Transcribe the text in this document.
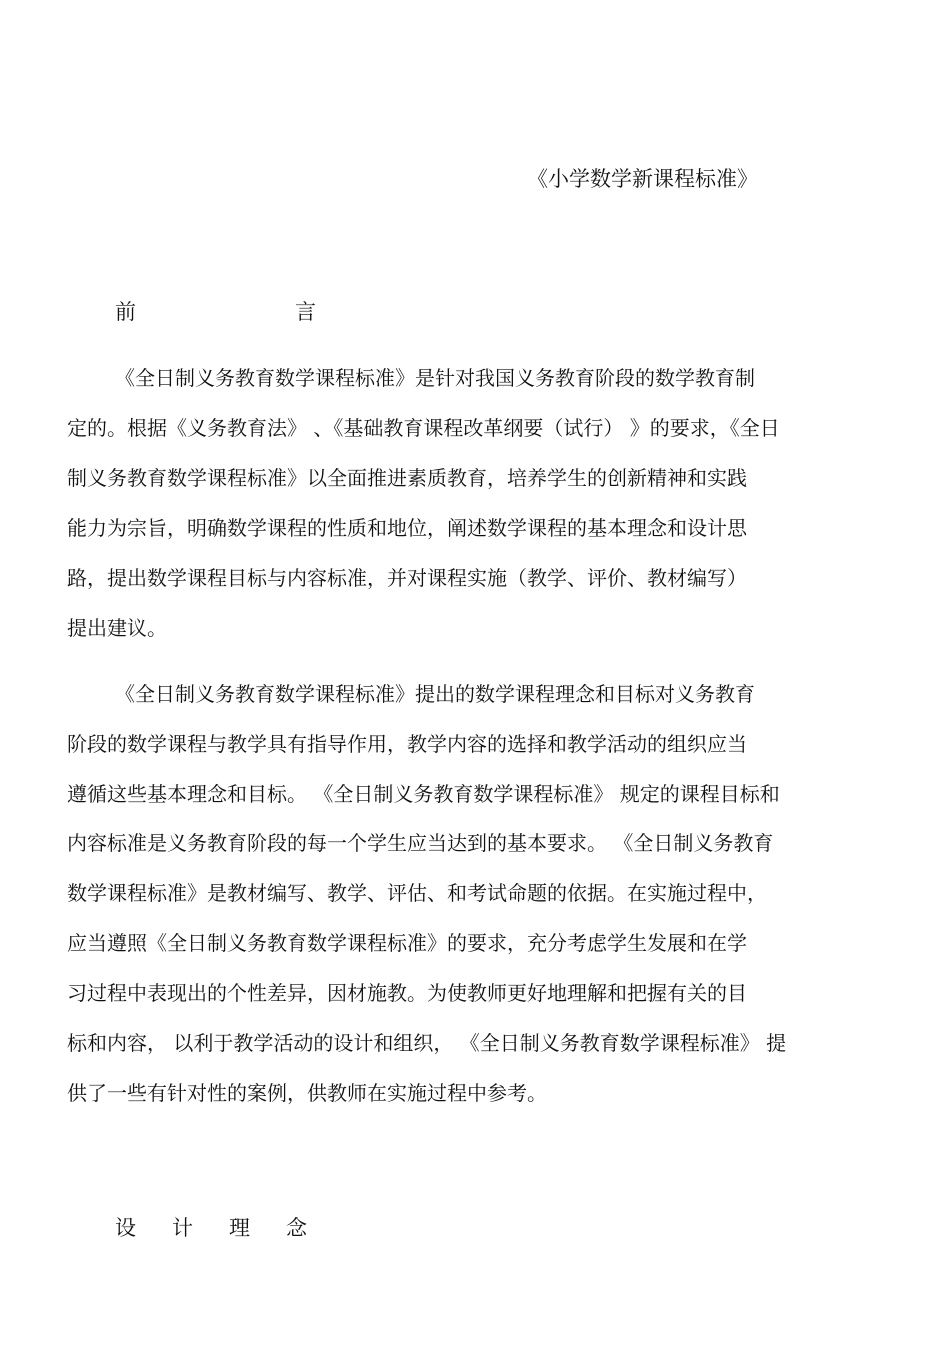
《小学数学新课程标准》
前	言
《全日制义务教育数学课程标准》是针对我国义务教育阶段的数学教育制
定的。根据《义务教育法》 、《基础教育课程改革纲要（试行） 》的要求，《全日
制义务教育数学课程标准》以全面推进素质教育，培养学生的创新精神和实践
能力为宗旨，明确数学课程的性质和地位，阐述数学课程的基本理念和设计思
路，提出数学课程目标与内容标准，并对课程实施（教学、评价、教材编写）
提出建议。
《全日制义务教育数学课程标准》提出的数学课程理念和目标对义务教育
阶段的数学课程与教学具有指导作用，教学内容的选择和教学活动的组织应当
遵循这些基本理念和目标。 《全日制义务教育数学课程标准》 规定的课程目标和
内容标准是义务教育阶段的每一个学生应当达到的基本要求。 《全日制义务教育
数学课程标准》是教材编写、教学、评估、和考试命题的依据。在实施过程中，
应当遵照《全日制义务教育数学课程标准》的要求，充分考虑学生发展和在学
习过程中表现出的个性差异，因材施教。为使教师更好地理解和把握有关的目
标和内容， 以利于教学活动的设计和组织， 《全日制义务教育数学课程标准》 提
供了一些有针对性的案例，供教师在实施过程中参考。
设 计 理 念
